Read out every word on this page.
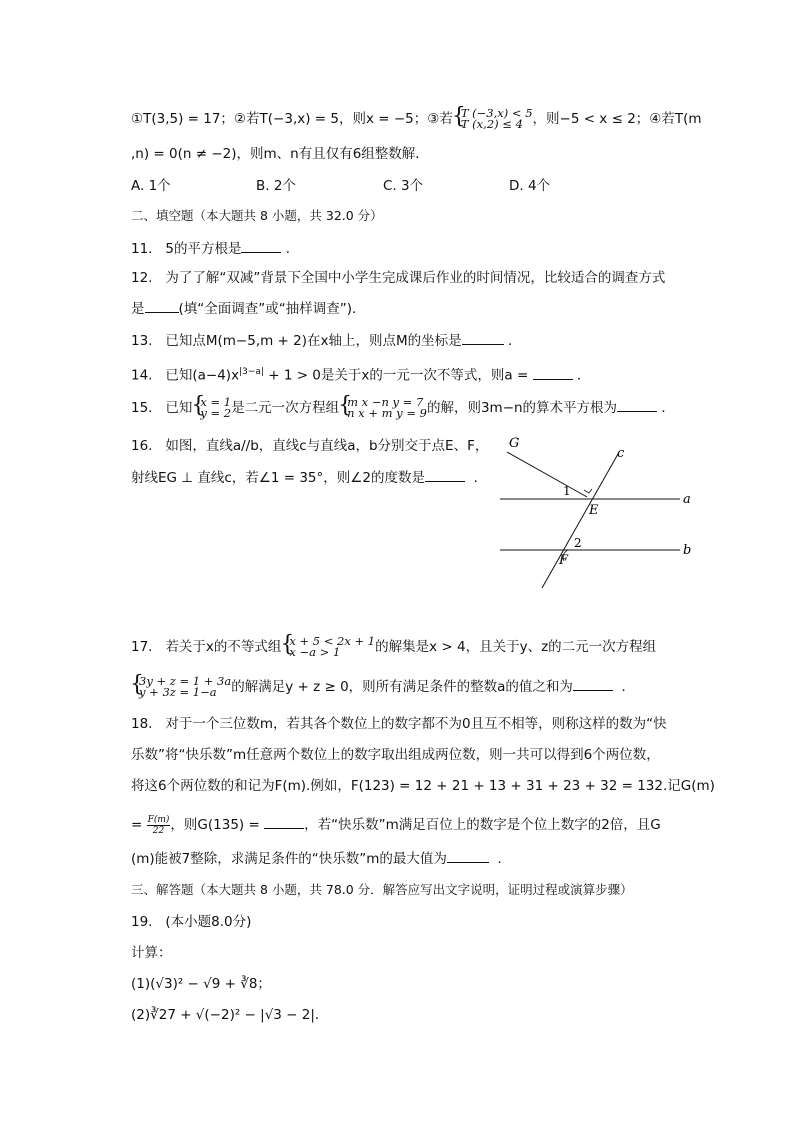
①T(3,5) = 17；②若T(−3,x) = 5，则x = −5；③若 { T (−3,x) < 5
T (x,2) ≤ 4 ，则−5 < x ≤ 2；④若T(m
,n) = 0(n ≠ −2)，则m、n有且仅有6组整数解．
A. 1个	B. 2个	C. 3个	D. 4个
二、填空题（本大题共 8 小题，共 32.0 分）
11. 5的平方根是	．
12. 为了了解“双减”背景下全国中小学生完成课后作业的时间情况，比较适合的调查方式
是	(填“全面调查”或“抽样调查”)．
13. 已知点M(m−5,m + 2)在x轴上，则点M的坐标是	．
14. 已知$(a-4)x^{|3-a|} + 1 > 0$是关于x的一元一次不等式，则a =	．
15. 已知 { x = 1
y = 2 是二元一次方程组 { m x −n y = 7
n x + m y = 9 的解，则3m−n的算术平方根为	．
16. 如图，直线a//b，直线c与直线a，b分别交于点E、F，
射线EG ⊥ 直线c，若∠1 = 35°，则∠2的度数是	．
G
c
a
b
E
F
1
2
17. 若关于x的不等式组 { x + 5 < 2x + 1
x −a > 1	的解集是x > 4，且关于y、z的二元一次方程组
{ 3y + z = 1 + 3a
y + 3z = 1−a	的解满足y + z ≥ 0，则所有满足条件的整数a的值之和为	．
18. 对于一个三位数m，若其各个数位上的数字都不为0且互不相等，则称这样的数为“快
乐数”将“快乐数”m任意两个数位上的数字取出组成两位数，则一共可以得到6个两位数，
将这6个两位数的和记为F(m).例如，F(123) = 12 + 21 + 13 + 31 + 23 + 32 = 132.记G(m)
= $\frac{F(m)}{22}$ ，则G(135) =	，若“快乐数”m满足百位上的数字是个位上数字的2倍，且G
(m)能被7整除，求满足条件的“快乐数”m的最大值为	．
三、解答题（本大题共 8 小题，共 78.0 分．解答应写出文字说明，证明过程或演算步骤）
19. (本小题8.0分)
计算：
(1)(√3)² − √9 + ∛8；
(2)∛27 + √(−2)² − |√3 − 2|．
